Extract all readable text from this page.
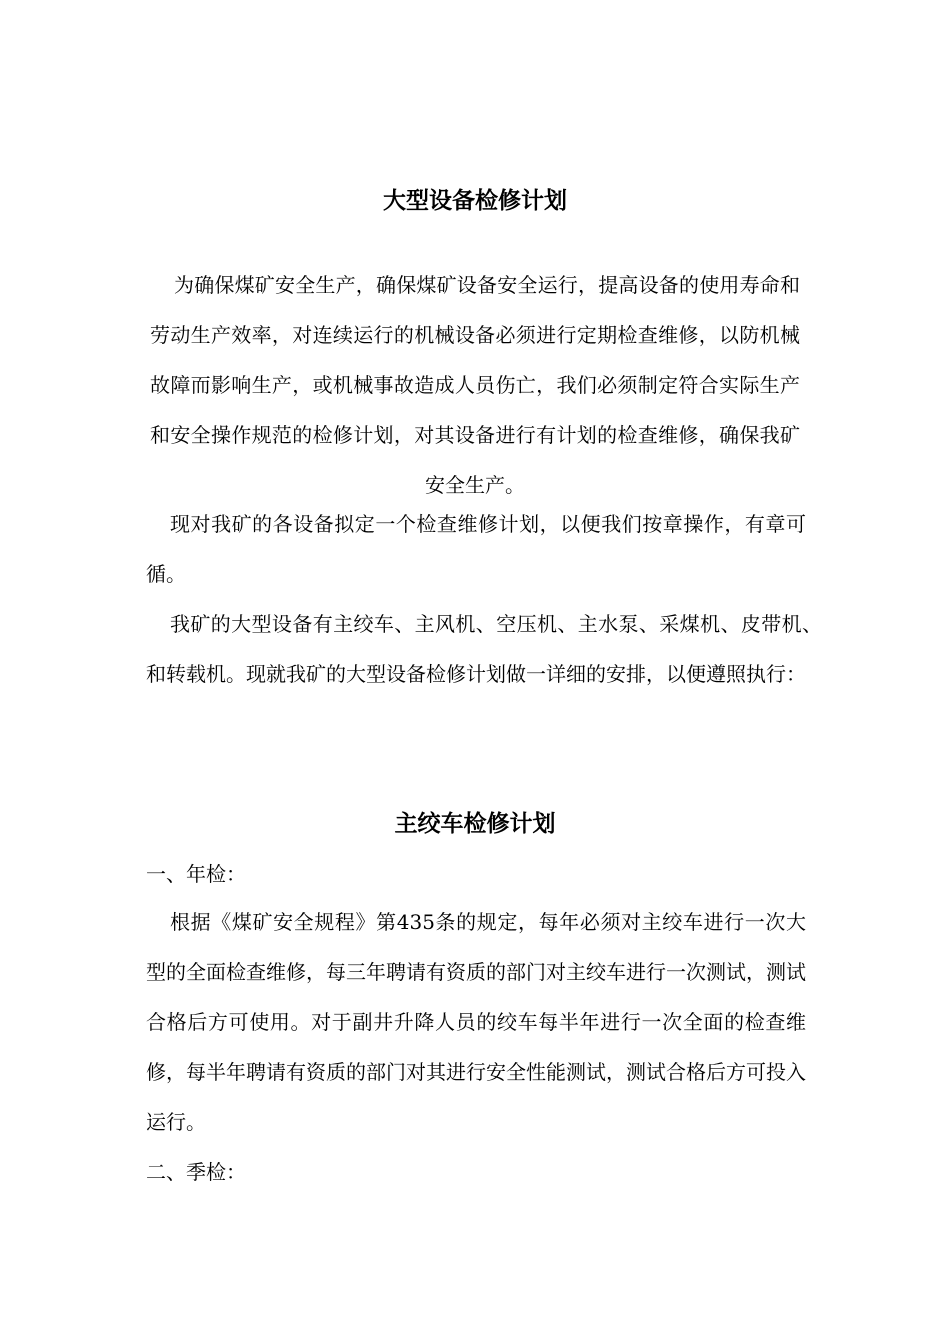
大型设备检修计划

为确保煤矿安全生产，确保煤矿设备安全运行，提高设备的使用寿命和劳动生产效率，对连续运行的机械设备必须进行定期检查维修，以防机械故障而影响生产，或机械事故造成人员伤亡，我们必须制定符合实际生产和安全操作规范的检修计划，对其设备进行有计划的检查维修，确保我矿安全生产。

现对我矿的各设备拟定一个检查维修计划，以便我们按章操作，有章可循。

我矿的大型设备有主绞车、主风机、空压机、主水泵、采煤机、皮带机、和转载机。现就我矿的大型设备检修计划做一详细的安排，以便遵照执行：

主绞车检修计划

一、年检：

根据《煤矿安全规程》第435条的规定，每年必须对主绞车进行一次大型的全面检查维修，每三年聘请有资质的部门对主绞车进行一次测试，测试合格后方可使用。对于副井升降人员的绞车每半年进行一次全面的检查维修，每半年聘请有资质的部门对其进行安全性能测试，测试合格后方可投入运行。

二、季检：
